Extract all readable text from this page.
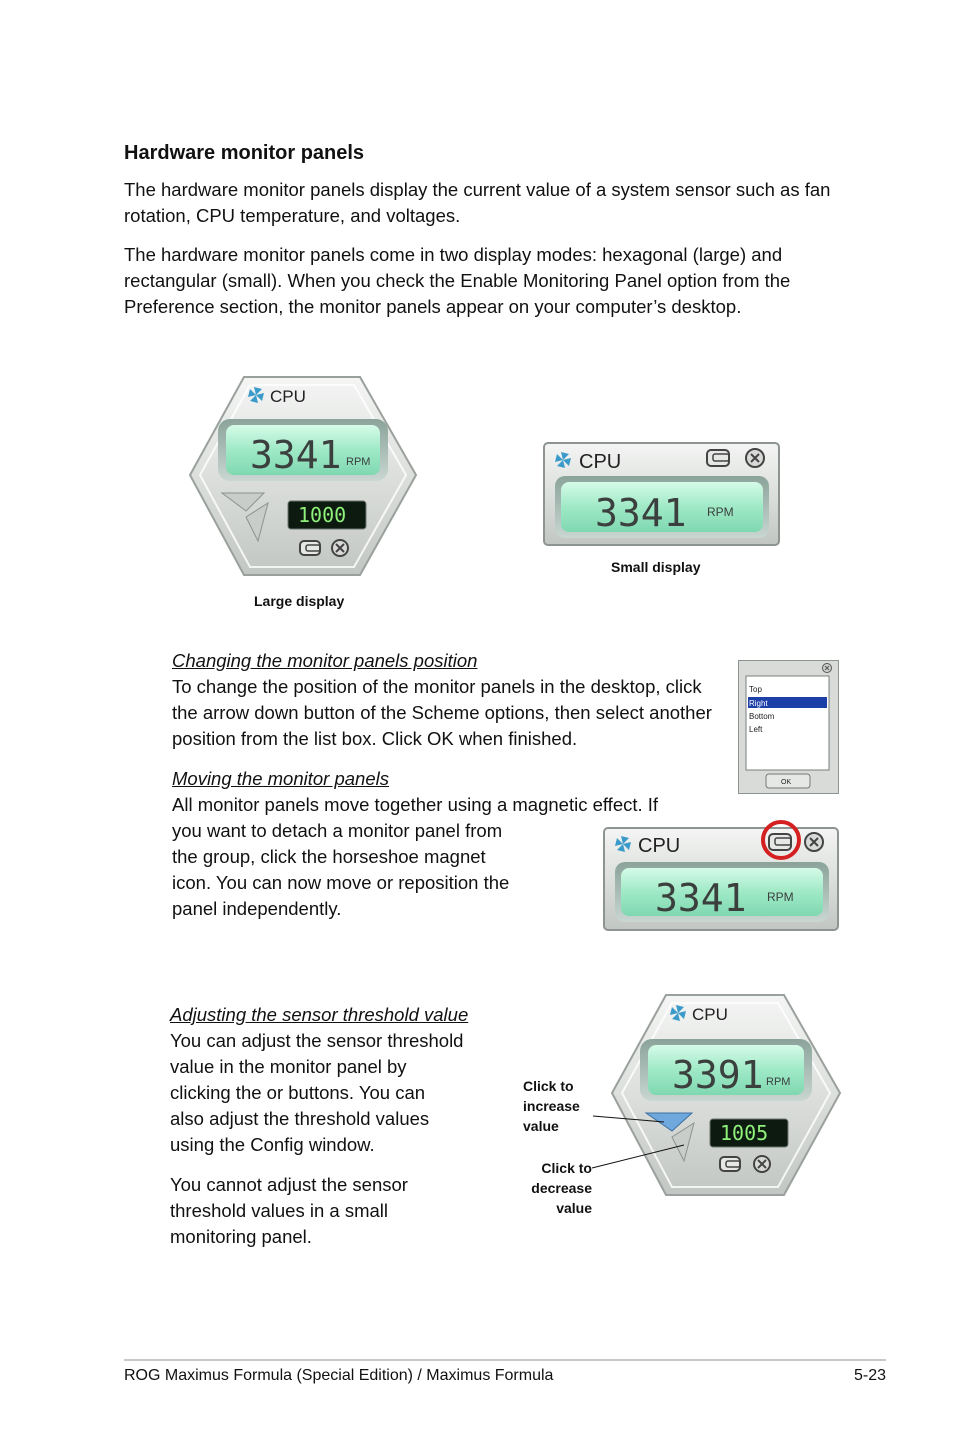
Hardware monitor panels

The hardware monitor panels display the current value of a system sensor such as fan rotation, CPU temperature, and voltages.

The hardware monitor panels come in two display modes: hexagonal (large) and rectangular (small). When you check the Enable Monitoring Panel option from the Preference section, the monitor panels appear on your computer’s desktop.

CPU
3341 RPM
1000
CPU
3341 RPM
Small display
Large display

Changing the monitor panels position

To change the position of the monitor panels in the desktop, click the arrow down button of the Scheme options, then select another position from the list box. Click OK when finished.

Top
Right
Bottom
Left
OK

Moving the monitor panels

All monitor panels move together using a magnetic effect. If

you want to detach a monitor panel from

the group, click the horseshoe magnet

icon. You can now move or reposition the

panel independently.

CPU
3341 RPM

Adjusting the sensor threshold value

You can adjust the sensor threshold

value in the monitor panel by

clicking the or buttons. You can

also adjust the threshold values

using the Config window.

You cannot adjust the sensor

threshold values in a small

monitoring panel.

CPU
3391 RPM
1005
Click to
increase
value
Click to
decrease
value
ROG Maximus Formula (Special Edition) / Maximus Formula	5-23
